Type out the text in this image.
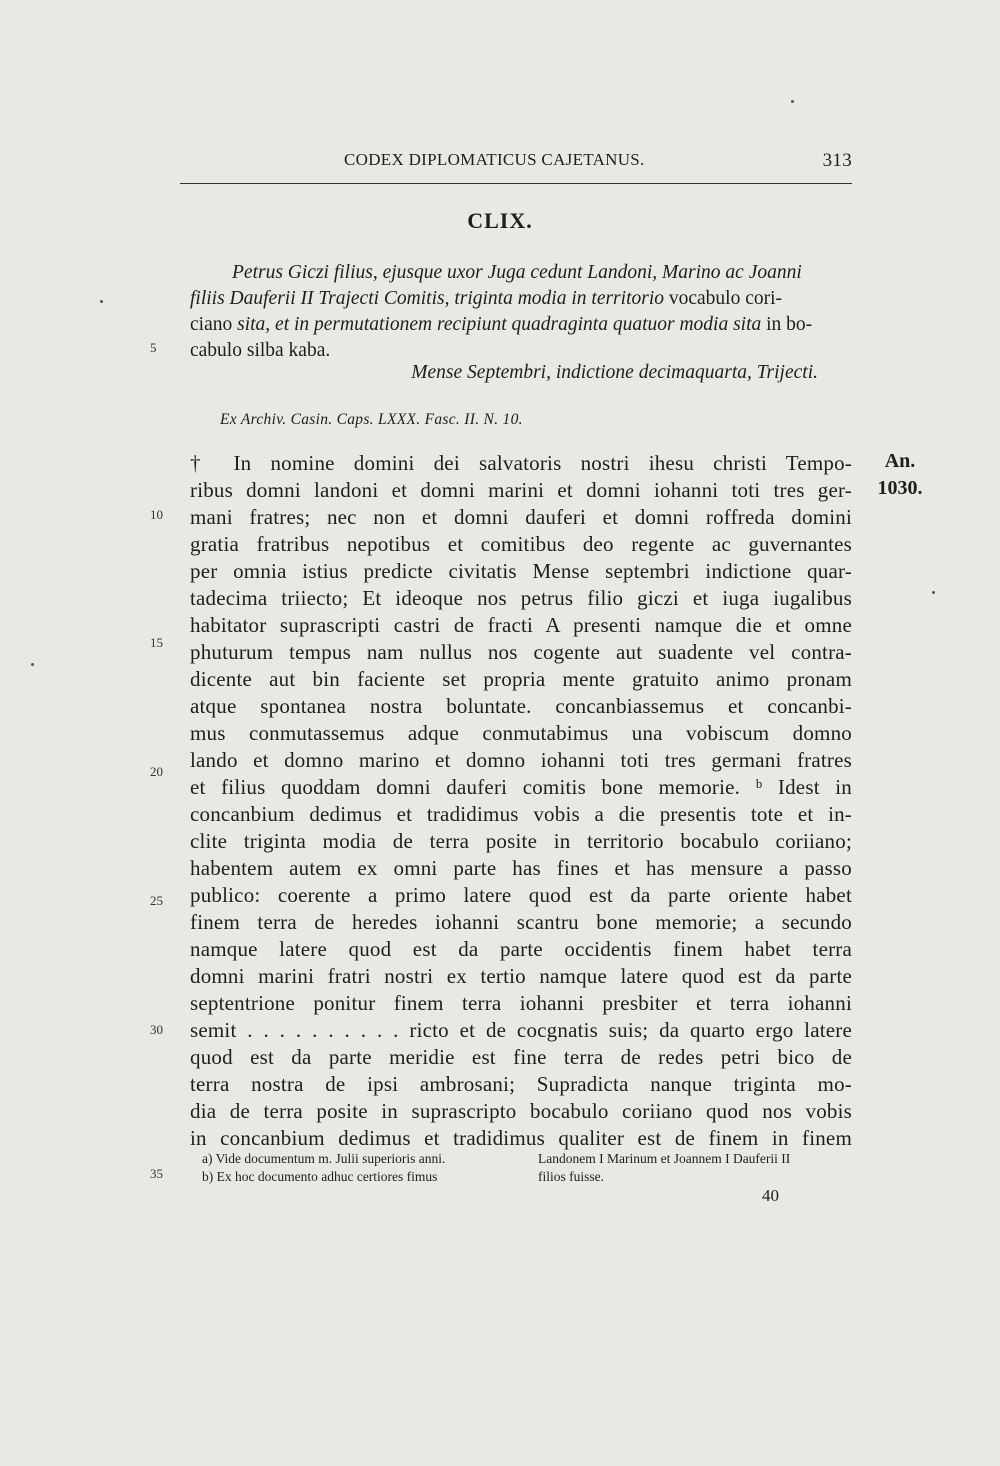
CODEX DIPLOMATICUS CAJETANUS.	313
CLIX.
Petrus Giczi filius, ejusque uxor Juga cedunt Landoni, Marino ac Joanni
filiis Dauferii II Trajecti Comitis, triginta modia in territorio vocabulo cori-
ciano sita, et in permutationem recipiunt quadraginta quatuor modia sita in bo-
cabulo silba kaba.
Mense Septembri, indictione decimaquarta, Trijecti.
Ex Archiv. Casin. Caps. LXXX. Fasc. II. N. 10.
An.
1030.
† In nomine domini dei salvatoris nostri ihesu christi Tempo-
ribus domni landoni et domni marini et domni iohanni toti tres ger-
mani fratres; nec non et domni dauferi et domni roffreda domini
gratia fratribus nepotibus et comitibus deo regente ac guvernantes
per omnia istius predicte civitatis Mense septembri indictione quar-
tadecima triiecto; Et ideoque nos petrus filio giczi et iuga iugalibus
habitator suprascripti castri de fracti A presenti namque die et omne
phuturum tempus nam nullus nos cogente aut suadente vel contra-
dicente aut bin faciente set propria mente gratuito animo pronam
atque spontanea nostra boluntate. concanbiassemus et concanbi-
mus conmutassemus adque conmutabimus una vobiscum domno
lando et domno marino et domno iohanni toti tres germani fratres
et filius quoddam domni dauferi comitis bone memorie. ᵇ Idest in
concanbium dedimus et tradidimus vobis a die presentis tote et in-
clite triginta modia de terra posite in territorio bocabulo coriiano;
habentem autem ex omni parte has fines et has mensure a passo
publico: coerente a primo latere quod est da parte oriente habet
finem terra de heredes iohanni scantru bone memorie; a secundo
namque latere quod est da parte occidentis finem habet terra
domni marini fratri nostri ex tertio namque latere quod est da parte
septentrione ponitur finem terra iohanni presbiter et terra iohanni
semit . . . . . . . . . . ricto et de cocgnatis suis; da quarto ergo latere
quod est da parte meridie est fine terra de redes petri bico de
terra nostra de ipsi ambrosani; Supradicta nanque triginta mo-
dia de terra posite in suprascripto bocabulo coriiano quod nos vobis
in concanbium dedimus et tradidimus qualiter est de finem in finem
5
10
15
20
25
30
35
a) Vide documentum m. Julii superioris anni.
b) Ex hoc documento adhuc certiores fimus
Landonem I Marinum et Joannem I Dauferii II
filios fuisse.
40
